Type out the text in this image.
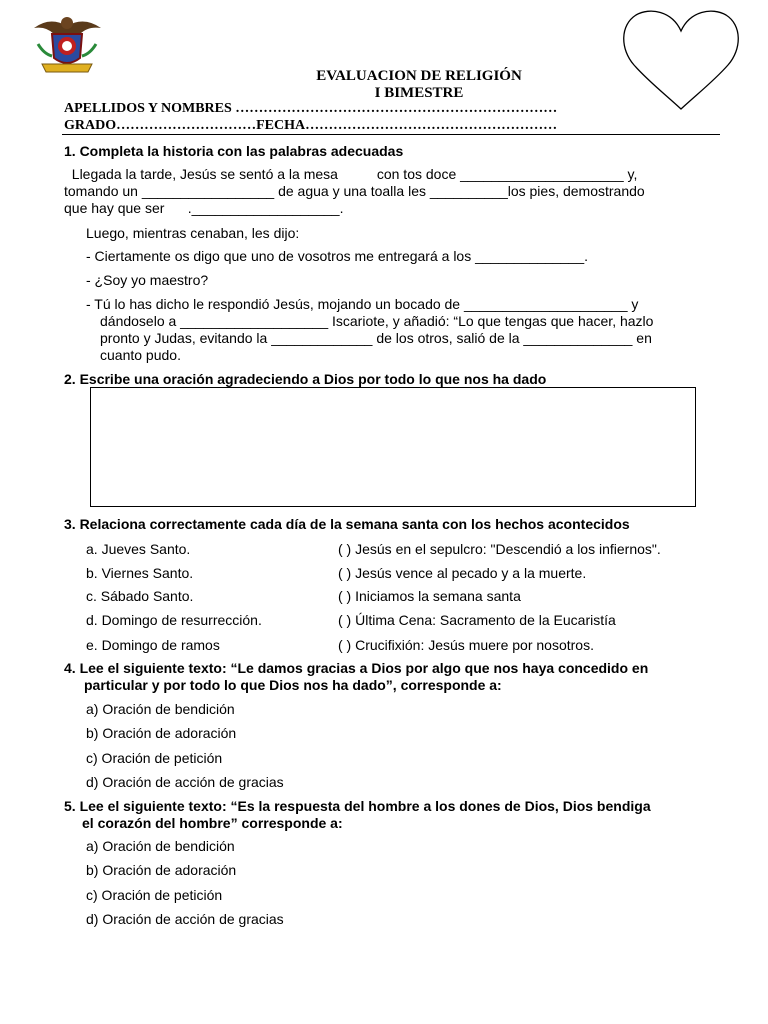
EVALUACION DE RELIGIÓN
I BIMESTRE
APELLIDOS Y NOMBRES ……………………………………………………………
GRADO…………………………FECHA………………………………………………
1. Completa la historia con las palabras adecuadas
Llegada la tarde, Jesús se sentó a la mesa          con tos doce _____________________ y,
tomando un _________________ de agua y una toalla les __________los pies, demostrando
que hay que ser      .___________________.
Luego, mientras cenaban, les dijo:
- Ciertamente os digo que uno de vosotros me entregará a los ______________.
- ¿Soy yo maestro?
- Tú lo has dicho le respondió Jesús, mojando un bocado de _____________________ y
dándoselo a ___________________ Iscariote, y añadió: “Lo que tengas que hacer, hazlo
pronto y Judas, evitando la _____________ de los otros, salió de la ______________ en
cuanto pudo.
2. Escribe una oración agradeciendo a Dios por todo lo que nos ha dado
3. Relaciona correctamente cada día de la semana santa con los hechos acontecidos
a. Jueves Santo.
b. Viernes Santo.
c. Sábado Santo.
d. Domingo de resurrección.
e. Domingo de ramos
( ) Jesús en el sepulcro: "Descendió a los infiernos".
( ) Jesús vence al pecado y a la muerte.
( ) Iniciamos la semana santa
( ) Última Cena: Sacramento de la Eucaristía
( ) Crucifixión: Jesús muere por nosotros.
4. Lee el siguiente texto: “Le damos gracias a Dios por algo que nos haya concedido en
particular y por todo lo que Dios nos ha dado”, corresponde a:
a) Oración de bendición
b) Oración de adoración
c) Oración de petición
d) Oración de acción de gracias
5. Lee el siguiente texto: “Es la respuesta del hombre a los dones de Dios, Dios bendiga
el corazón del hombre” corresponde a:
a) Oración de bendición
b) Oración de adoración
c) Oración de petición
d) Oración de acción de gracias
